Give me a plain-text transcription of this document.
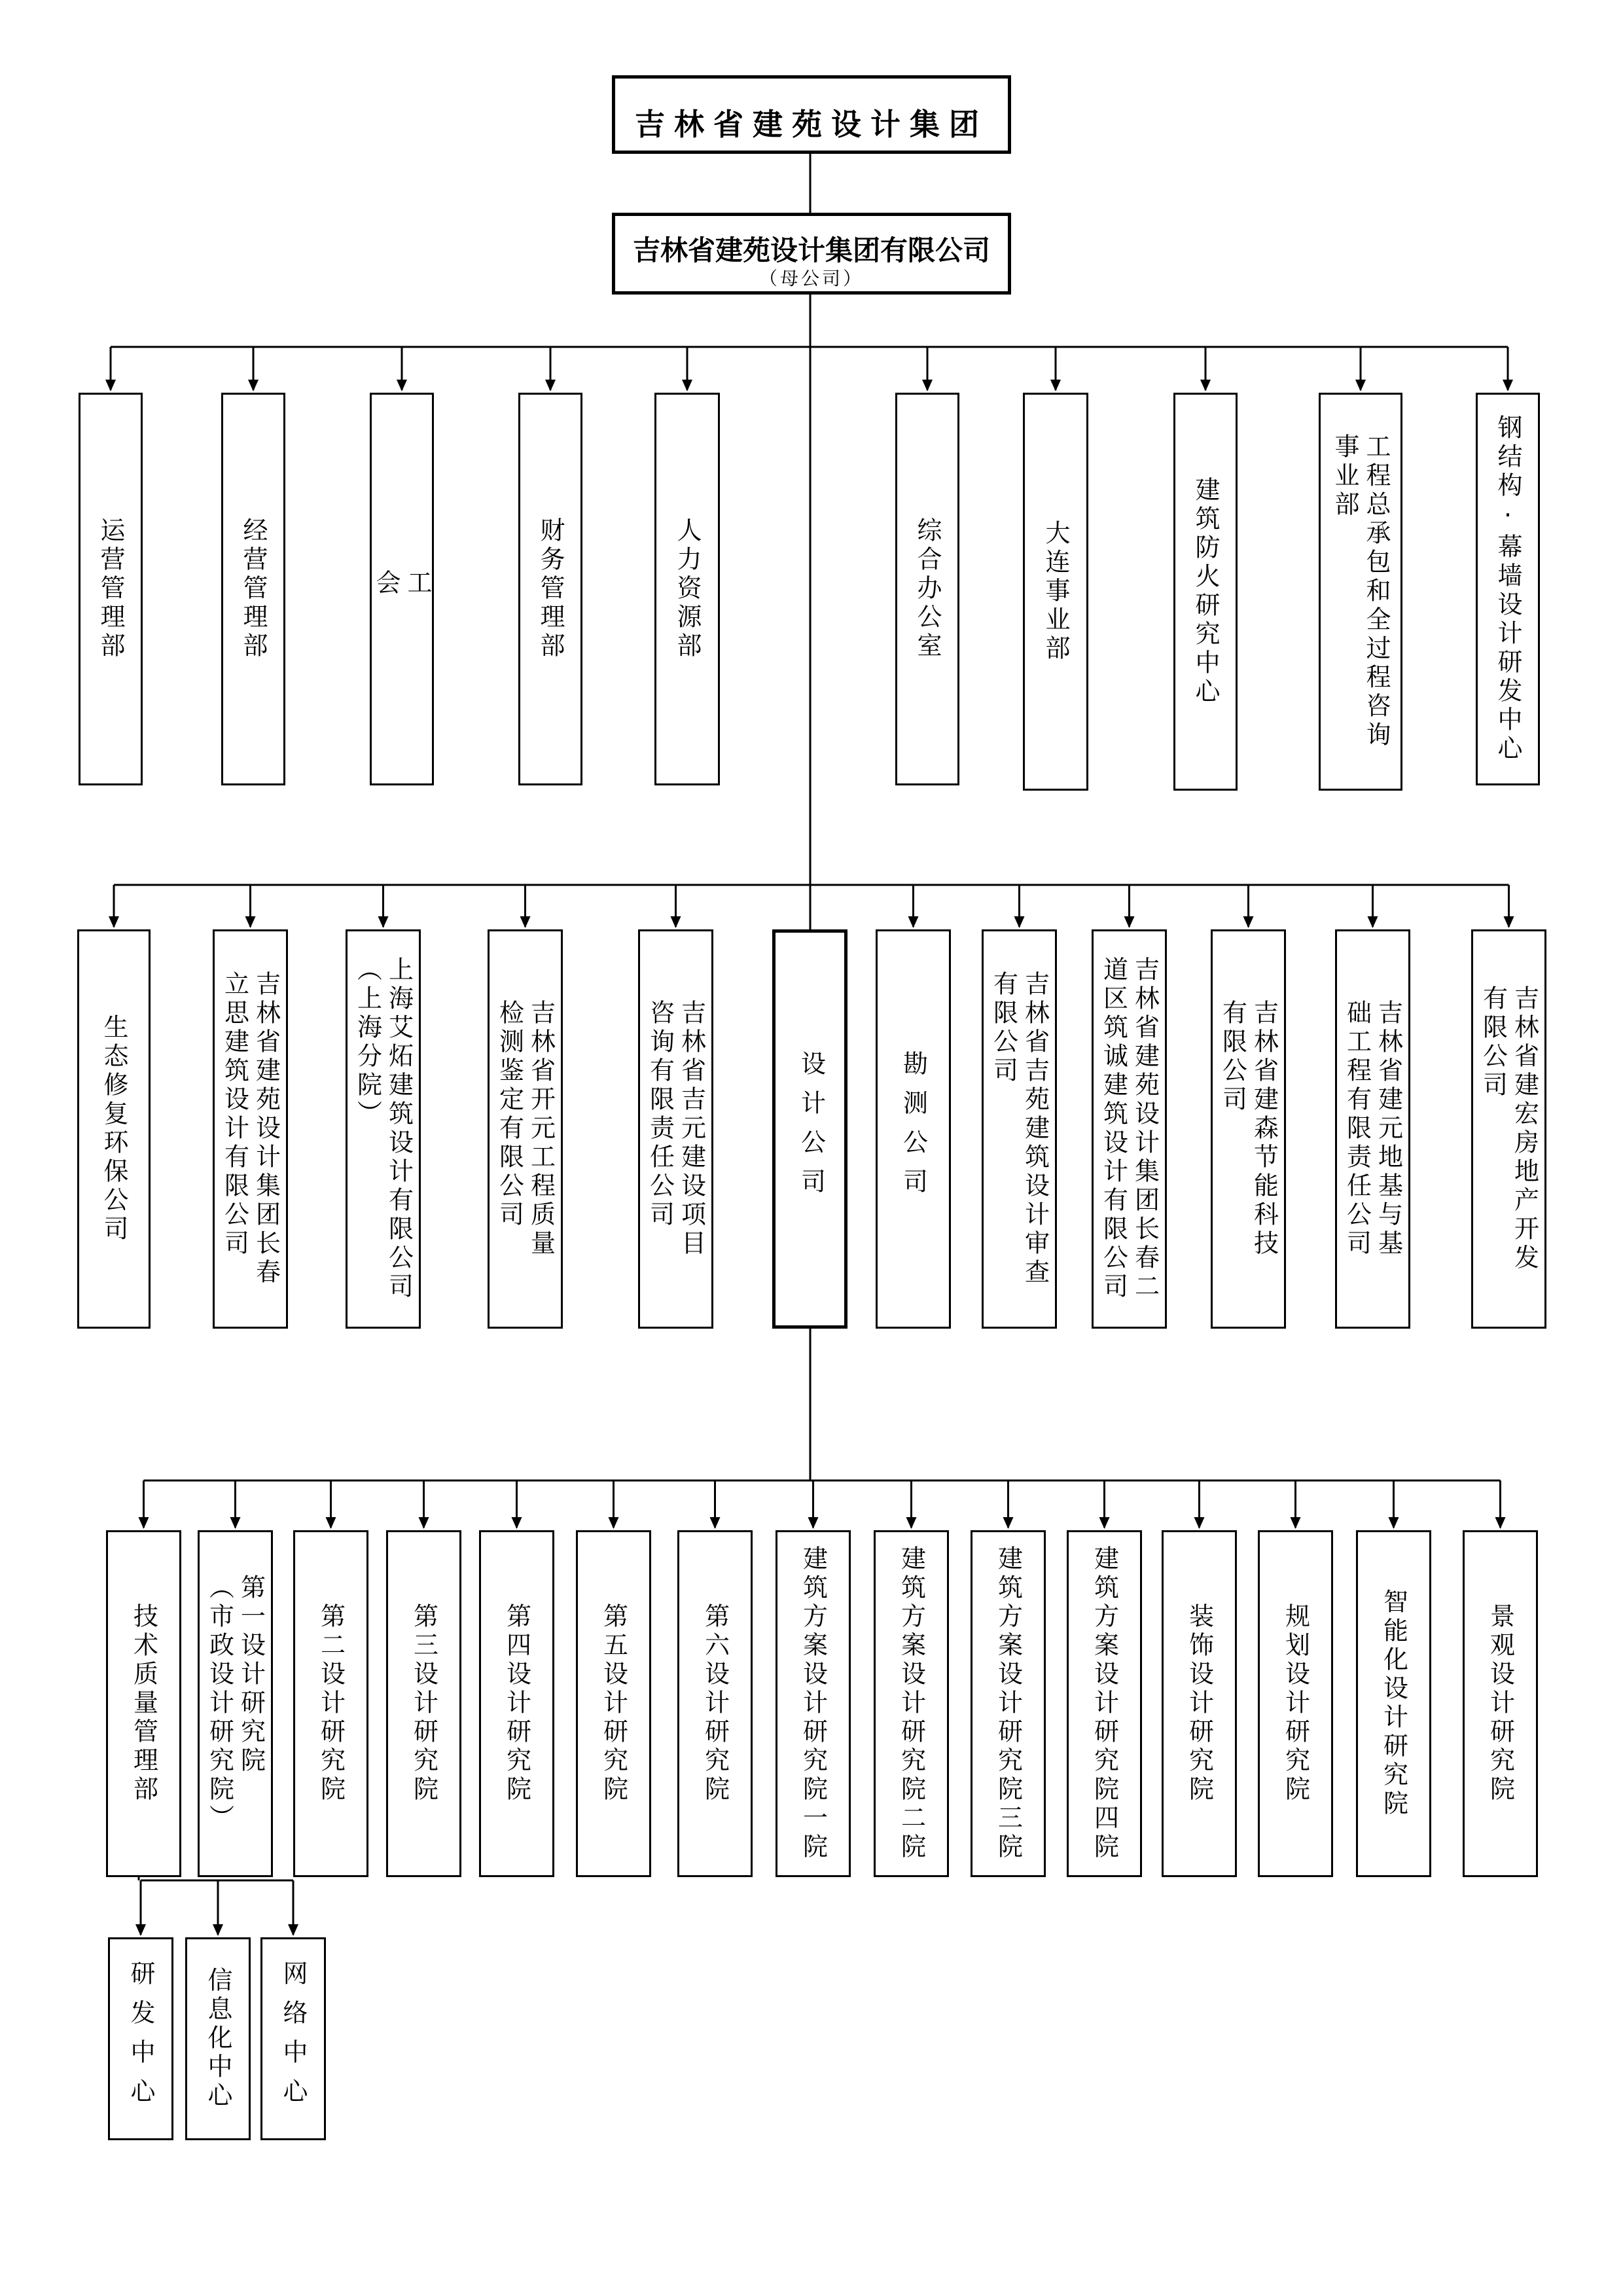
吉林省建苑设计集团
吉林省建苑设计集团有限公司
（母公司）
运营管理部	经营管理部	工
会	财务管理部	人力资源部	综合办公室	大连事业部	建筑防火研究中心	工程总承包和全过程咨询
事业部	钢结构·幕墙设计研发中心
生态修复环保公司	吉林省建苑设计集团长春
立思建筑设计有限公司	上海艾炻建筑设计有限公司
（上海分院）	吉林省开元工程质量
检测鉴定有限公司	吉林省吉元建设项目
咨询有限责任公司	设计公司	勘测公司	吉林省吉苑建筑设计审查
有限公司	吉林省建苑设计集团长春二
道区筑诚建筑设计有限公司	吉林省建森节能科技
有限公司	吉林省建元地基与基
础工程有限责任公司	吉林省建宏房地产开发
有限公司
技术质量管理部	第一设计研究院
（市政设计研究院）	第二设计研究院	第三设计研究院	第四设计研究院	第五设计研究院	第六设计研究院	建筑方案设计研究院一院	建筑方案设计研究院二院	建筑方案设计研究院三院	建筑方案设计研究院四院	装饰设计研究院	规划设计研究院	智能化设计研究院	景观设计研究院
研发中心 信息化中心 网络中心
